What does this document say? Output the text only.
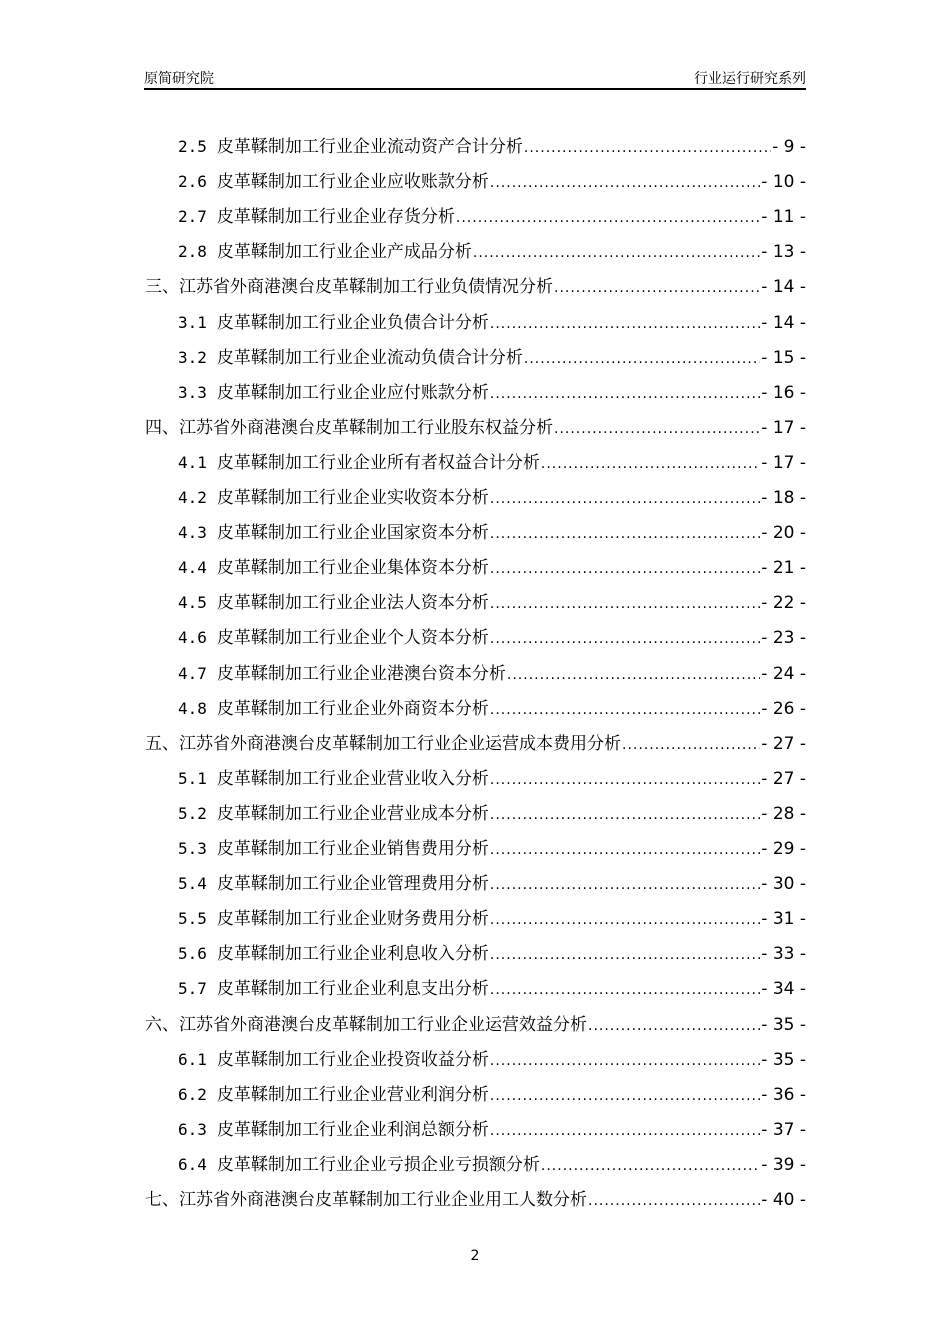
原简研究院	行业运行研究系列
2.5 皮革鞣制加工行业企业流动资产合计分析 .....	- 9 -
2.6 皮革鞣制加工行业企业应收账款分析 .....	- 10 -
2.7 皮革鞣制加工行业企业存货分析 .....	- 11 -
2.8 皮革鞣制加工行业企业产成品分析 .....	- 13 -
三、江苏省外商港澳台皮革鞣制加工行业负债情况分析 .....	- 14 -
3.1 皮革鞣制加工行业企业负债合计分析 .....	- 14 -
3.2 皮革鞣制加工行业企业流动负债合计分析 .....	- 15 -
3.3 皮革鞣制加工行业企业应付账款分析 .....	- 16 -
四、江苏省外商港澳台皮革鞣制加工行业股东权益分析 .....	- 17 -
4.1 皮革鞣制加工行业企业所有者权益合计分析 .....	- 17 -
4.2 皮革鞣制加工行业企业实收资本分析 .....	- 18 -
4.3 皮革鞣制加工行业企业国家资本分析 .....	- 20 -
4.4 皮革鞣制加工行业企业集体资本分析 .....	- 21 -
4.5 皮革鞣制加工行业企业法人资本分析 .....	- 22 -
4.6 皮革鞣制加工行业企业个人资本分析 .....	- 23 -
4.7 皮革鞣制加工行业企业港澳台资本分析 .....	- 24 -
4.8 皮革鞣制加工行业企业外商资本分析 .....	- 26 -
五、江苏省外商港澳台皮革鞣制加工行业企业运营成本费用分析 .....	- 27 -
5.1 皮革鞣制加工行业企业营业收入分析 .....	- 27 -
5.2 皮革鞣制加工行业企业营业成本分析 .....	- 28 -
5.3 皮革鞣制加工行业企业销售费用分析 .....	- 29 -
5.4 皮革鞣制加工行业企业管理费用分析 .....	- 30 -
5.5 皮革鞣制加工行业企业财务费用分析 .....	- 31 -
5.6 皮革鞣制加工行业企业利息收入分析 .....	- 33 -
5.7 皮革鞣制加工行业企业利息支出分析 .....	- 34 -
六、江苏省外商港澳台皮革鞣制加工行业企业运营效益分析 .....	- 35 -
6.1 皮革鞣制加工行业企业投资收益分析 .....	- 35 -
6.2 皮革鞣制加工行业企业营业利润分析 .....	- 36 -
6.3 皮革鞣制加工行业企业利润总额分析 .....	- 37 -
6.4 皮革鞣制加工行业企业亏损企业亏损额分析 .....	- 39 -
七、江苏省外商港澳台皮革鞣制加工行业企业用工人数分析 .....	- 40 -
2
